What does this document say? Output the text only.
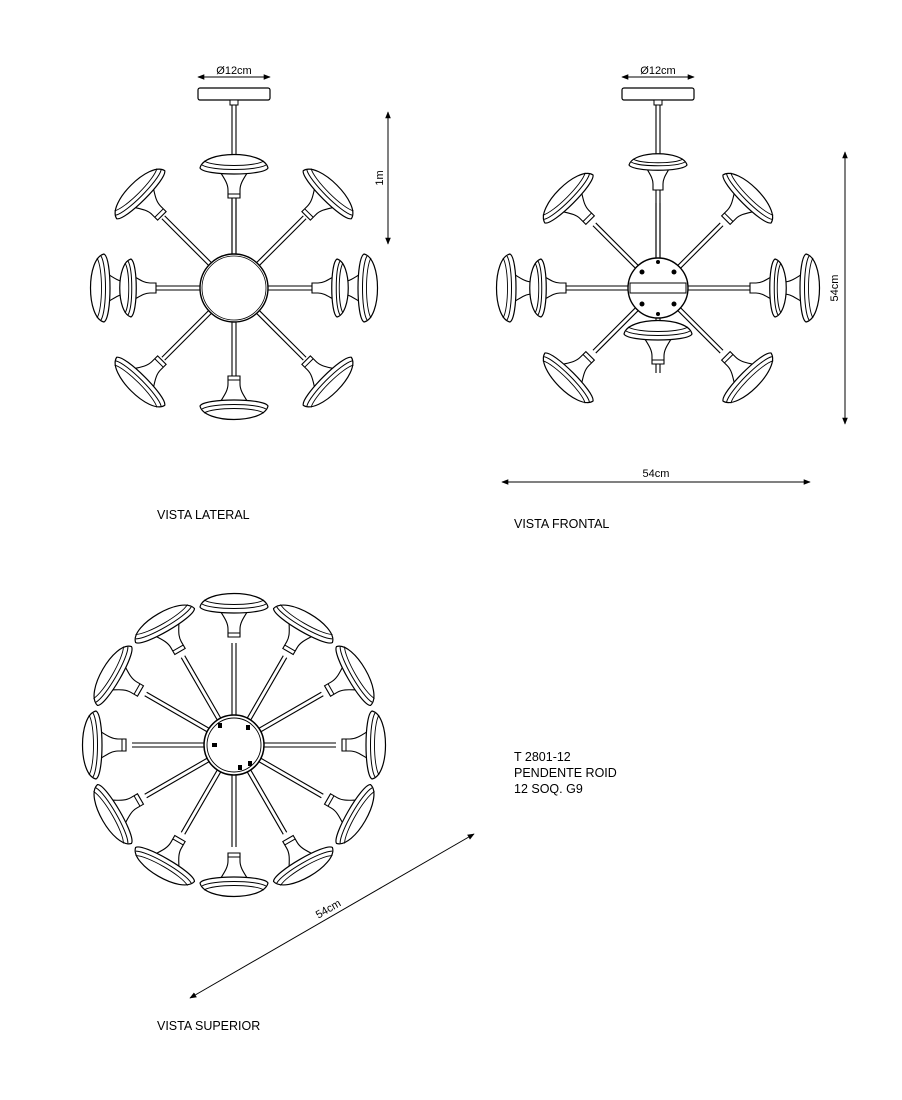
Ø12cm
1m
VISTA LATERAL
Ø12cm
54cm
54cm
VISTA FRONTAL
54cm
VISTA SUPERIOR
T 2801-12
PENDENTE ROID
12 SOQ. G9
